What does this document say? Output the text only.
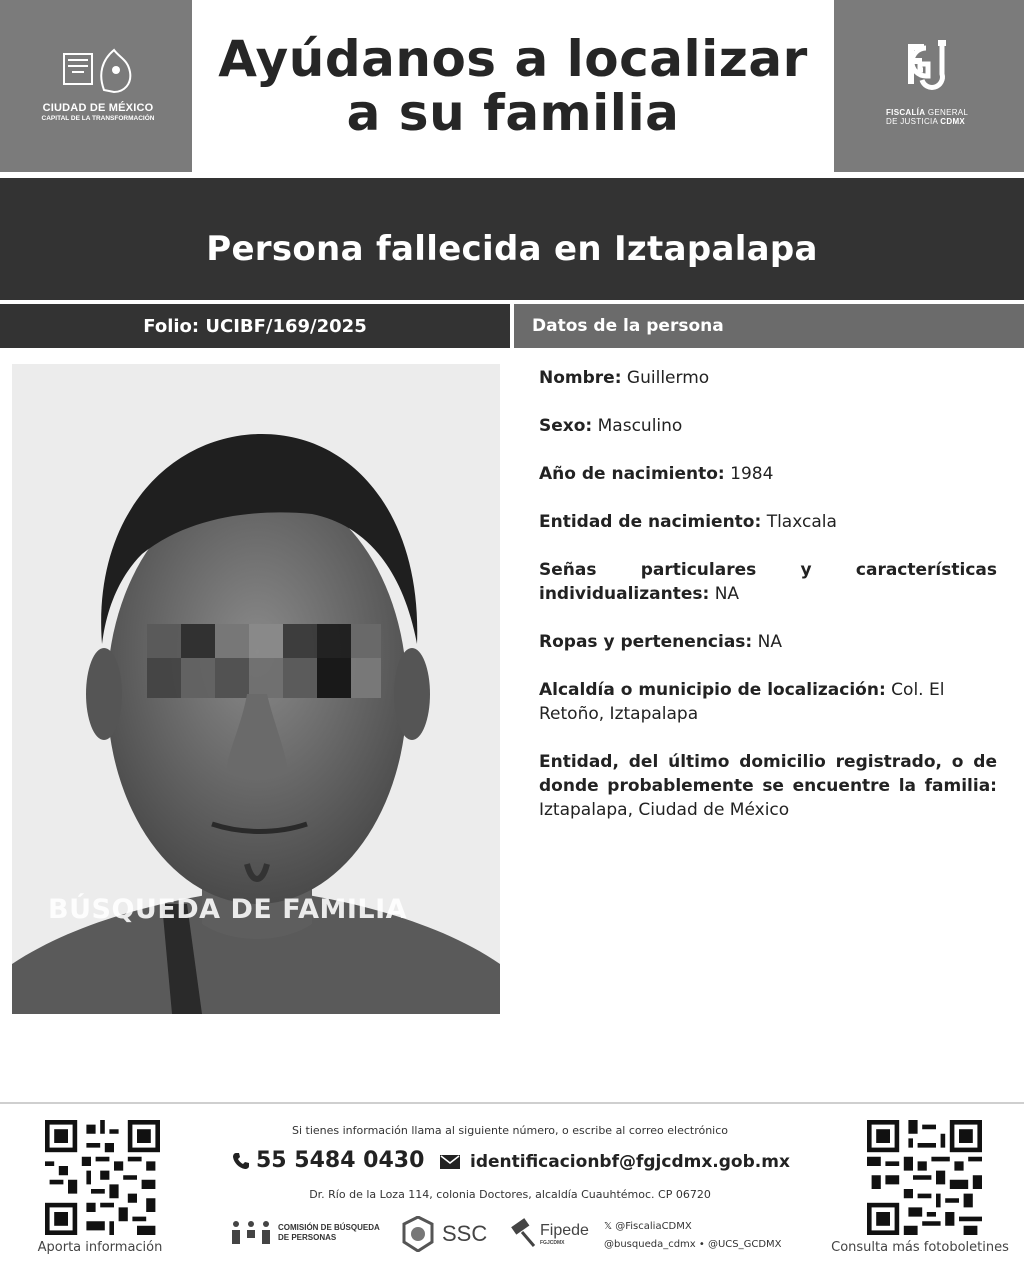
CIUDAD DE MÉXICO
CAPITAL DE LA TRANSFORMACIÓN
Ayúdanos a localizar
a su familia	FISCALÍA GENERAL
DE JUSTICIA CDMX
Persona fallecida en Iztapalapa
Folio: UCIBF/169/2025	Datos de la persona
BÚSQUEDA DE FAMILIA
Nombre: Guillermo
Sexo: Masculino
Año de nacimiento: 1984
Entidad de nacimiento: Tlaxcala
Señas particulares y características individualizantes: NA
Ropas y pertenencias: NA
Alcaldía o municipio de localización: Col. El Retoño, Iztapalapa
Entidad, del último domicilio registrado, o de donde probablemente se encuentre la familia: Iztapalapa, Ciudad de México
Aporta información
Si tienes información llama al siguiente número, o escribe al correo electrónico
55 5484 0430	identificacionbf@fgjcdmx.gob.mx
Dr. Río de la Loza 114, colonia Doctores, alcaldía Cuauhtémoc. CP 06720
COMISIÓN DE BÚSQUEDA
DE PERSONAS	SSC	Fipede
FGJCDMX
𝕏 @FiscaliaCDMX
@busqueda_cdmx • @UCS_GCDMX	Consulta más fotoboletines
